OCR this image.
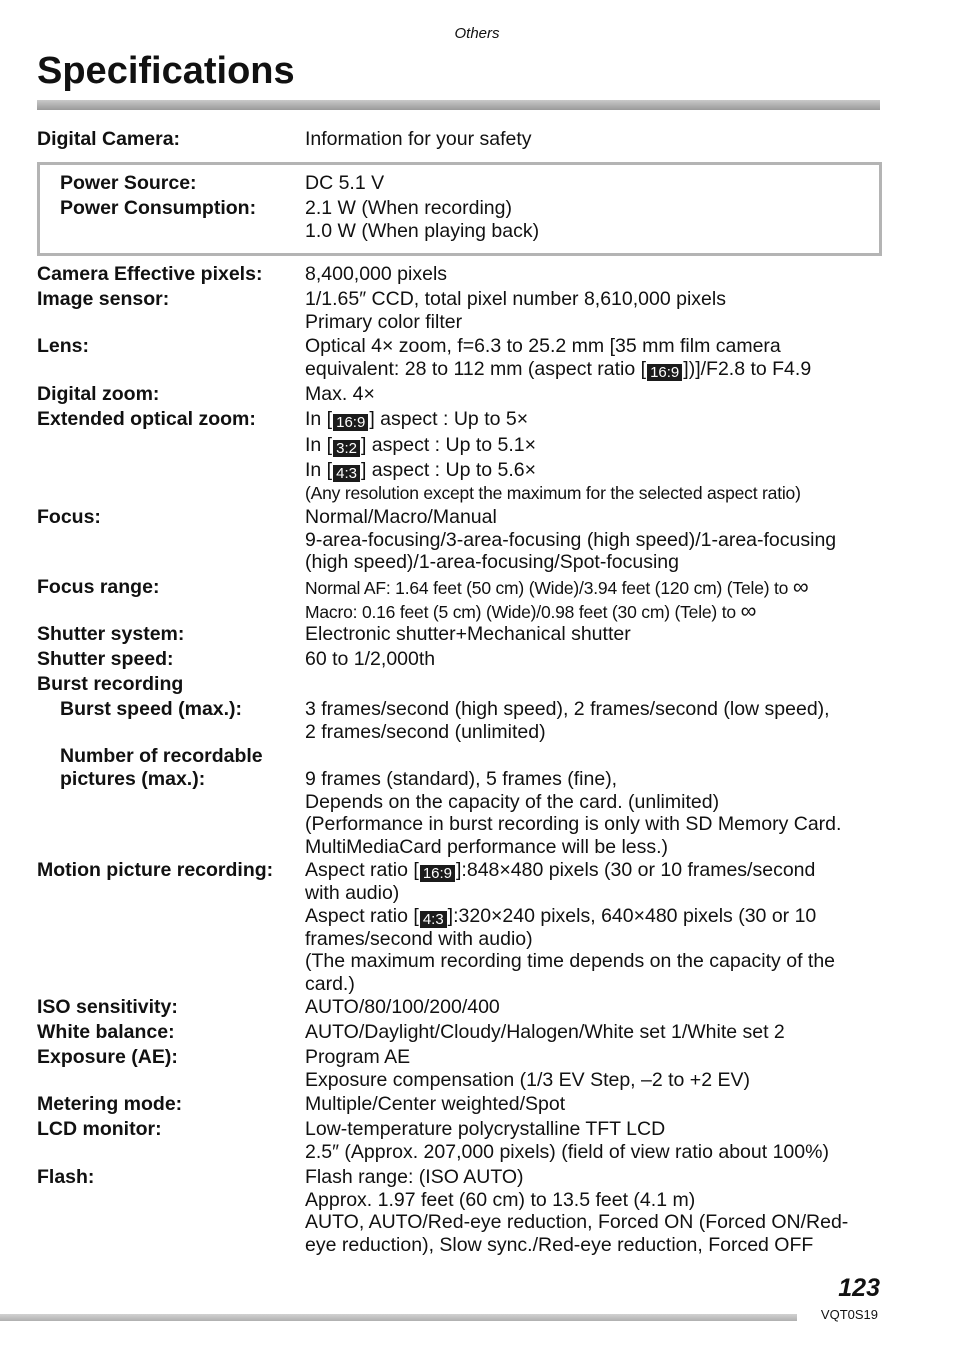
Others
Specifications
Digital Camera:	Information for your safety
Power Source:	DC 5.1 V
Power Consumption:	2.1 W (When recording)
1.0 W (When playing back)
Camera Effective pixels: 8,400,000 pixels
Image sensor:	1/1.65″ CCD, total pixel number 8,610,000 pixels
Primary color filter
Lens:	Optical 4× zoom, f=6.3 to 25.2 mm [35 mm film camera
equivalent: 28 to 112 mm (aspect ratio [ 16:9 ])]/F2.8 to F4.9
Digital zoom:	Max. 4×
Extended optical zoom:	In [ 16:9 ] aspect : Up to 5×
In [ 3:2 ] aspect : Up to 5.1×
In [ 4:3 ] aspect : Up to 5.6×
(Any resolution except the maximum for the selected aspect ratio)
Focus:	Normal/Macro/Manual
9-area-focusing/3-area-focusing (high speed)/1-area-focusing
(high speed)/1-area-focusing/Spot-focusing
Focus range:	Normal AF: 1.64 feet (50 cm) (Wide)/3.94 feet (120 cm) (Tele) to ∞
Macro: 0.16 feet (5 cm) (Wide)/0.98 feet (30 cm) (Tele) to ∞
Shutter system:	Electronic shutter+Mechanical shutter
Shutter speed:	60 to 1/2,000th
Burst recording
Burst speed (max.):	3 frames/second (high speed), 2 frames/second (low speed),
2 frames/second (unlimited)
Number of recordable
pictures (max.):	9 frames (standard), 5 frames (fine),
Depends on the capacity of the card. (unlimited)
(Performance in burst recording is only with SD Memory Card.
MultiMediaCard performance will be less.)
Motion picture recording: Aspect ratio [ 16:9 ]:848×480 pixels (30 or 10 frames/second
with audio)
Aspect ratio [ 4:3 ]:320×240 pixels, 640×480 pixels (30 or 10
frames/second with audio)
(The maximum recording time depends on the capacity of the
card.)
ISO sensitivity:	AUTO/80/100/200/400
White balance:	AUTO/Daylight/Cloudy/Halogen/White set 1/White set 2
Exposure (AE):	Program AE
Exposure compensation (1/3 EV Step, –2 to +2 EV)
Metering mode:	Multiple/Center weighted/Spot
LCD monitor:	Low-temperature polycrystalline TFT LCD
2.5″ (Approx. 207,000 pixels) (field of view ratio about 100%)
Flash:	Flash range: (ISO AUTO)
Approx. 1.97 feet (60 cm) to 13.5 feet (4.1 m)
AUTO, AUTO/Red-eye reduction, Forced ON (Forced ON/Red-
eye reduction), Slow sync./Red-eye reduction, Forced OFF
123
VQT0S19
